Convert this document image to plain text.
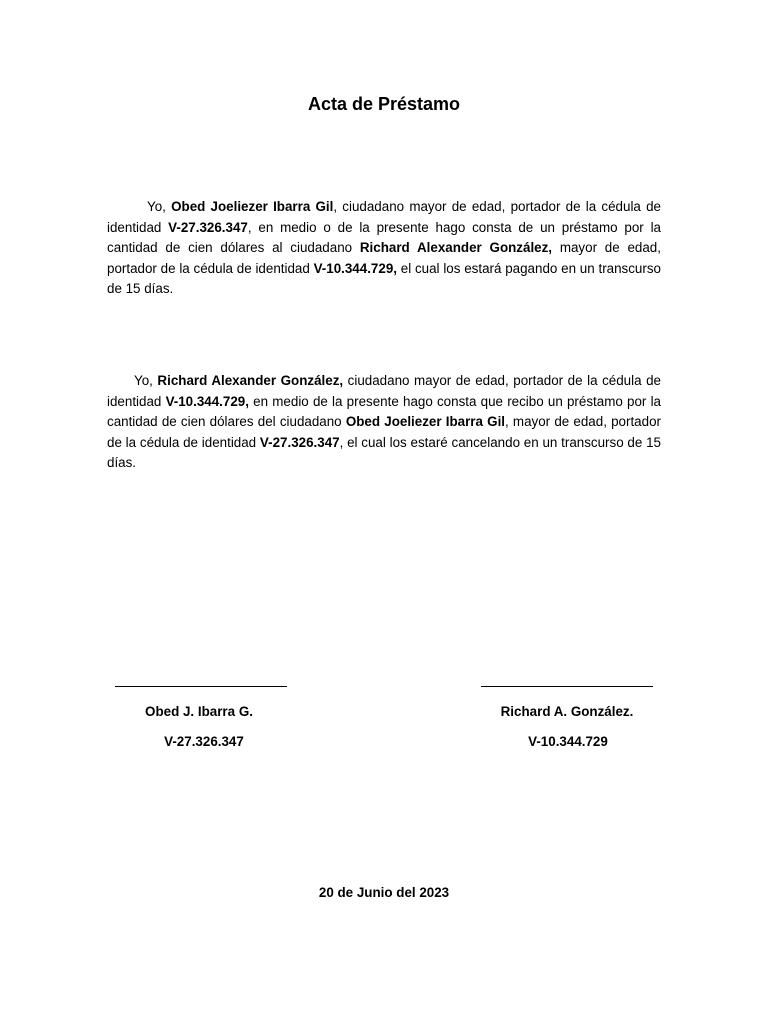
Acta de Préstamo

Yo, Obed Joeliezer Ibarra Gil, ciudadano mayor de edad, portador de la cédula de identidad V-27.326.347, en medio o de la presente hago consta de un préstamo por la cantidad de cien dólares al ciudadano Richard Alexander González, mayor de edad, portador de la cédula de identidad V-10.344.729, el cual los estará pagando en un transcurso de 15 días.

Yo, Richard Alexander González, ciudadano mayor de edad, portador de la cédula de identidad V-10.344.729, en medio de la presente hago consta que recibo un préstamo por la cantidad de cien dólares del ciudadano Obed Joeliezer Ibarra Gil, mayor de edad, portador de la cédula de identidad V-27.326.347, el cual los estaré cancelando en un transcurso de 15 días.

Obed J. Ibarra G.
V-27.326.347
Richard A. González.
V-10.344.729
20 de Junio del 2023
